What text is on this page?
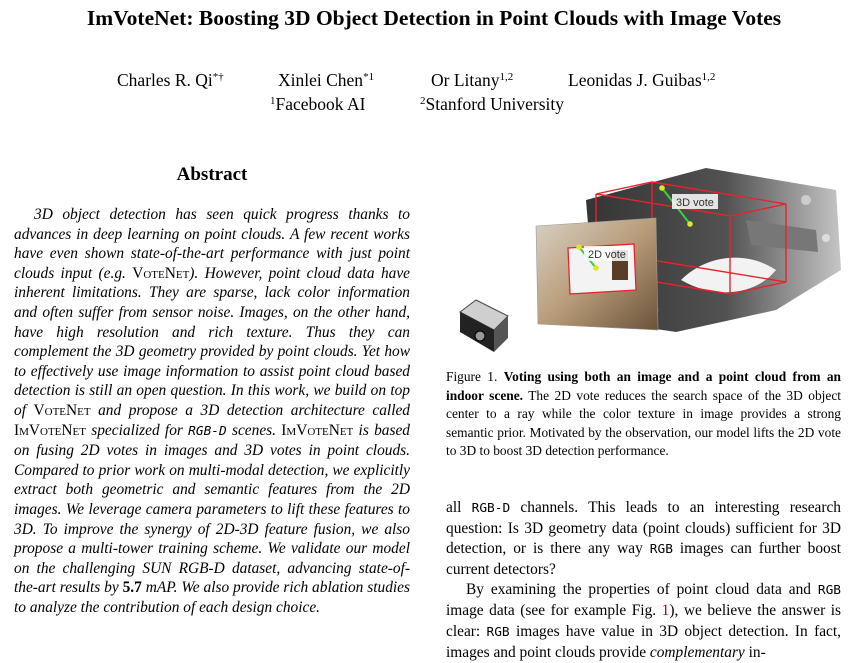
ImVoteNet: Boosting 3D Object Detection in Point Clouds with Image Votes
Charles R. Qi*†	Xinlei Chen$^{*1}$	Or Litany$^{1,2}$	Leonidas J. Guibas$^{1,2}$
$^1$Facebook AI	$^2$Stanford University
Abstract

3D object detection has seen quick progress thanks to advances in deep learning on point clouds. A few recent works have even shown state-of-the-art performance with just point clouds input (e.g. VoteNet). However, point cloud data have inherent limitations. They are sparse, lack color information and often suffer from sensor noise. Images, on the other hand, have high resolution and rich texture. Thus they can complement the 3D geometry provided by point clouds. Yet how to effectively use image information to assist point cloud based detection is still an open question. In this work, we build on top of VoteNet and propose a 3D detection architecture called ImVoteNet specialized for RGB-D scenes. ImVoteNet is based on fusing 2D votes in images and 3D votes in point clouds. Compared to prior work on multi-modal detection, we explicitly extract both geometric and semantic features from the 2D images. We leverage camera parameters to lift these features to 3D. To improve the synergy of 2D-3D feature fusion, we also propose a multi-tower training scheme. We validate our model on the challenging SUN RGB-D dataset, advancing state-of-the-art results by 5.7 mAP. We also provide rich ablation studies to analyze the contribution of each design choice.

3D vote
2D vote

Figure 1. Voting using both an image and a point cloud from an indoor scene. The 2D vote reduces the search space of the 3D object center to a ray while the color texture in image provides a strong semantic prior. Motivated by the observation, our model lifts the 2D vote to 3D to boost 3D detection performance.

all RGB-D channels. This leads to an interesting research question: Is 3D geometry data (point clouds) sufficient for 3D detection, or is there any way RGB images can further boost current detectors?

By examining the properties of point cloud data and RGB image data (see for example Fig. 1), we believe the answer is clear: RGB images have value in 3D object detection. In fact, images and point clouds provide complementary in-
